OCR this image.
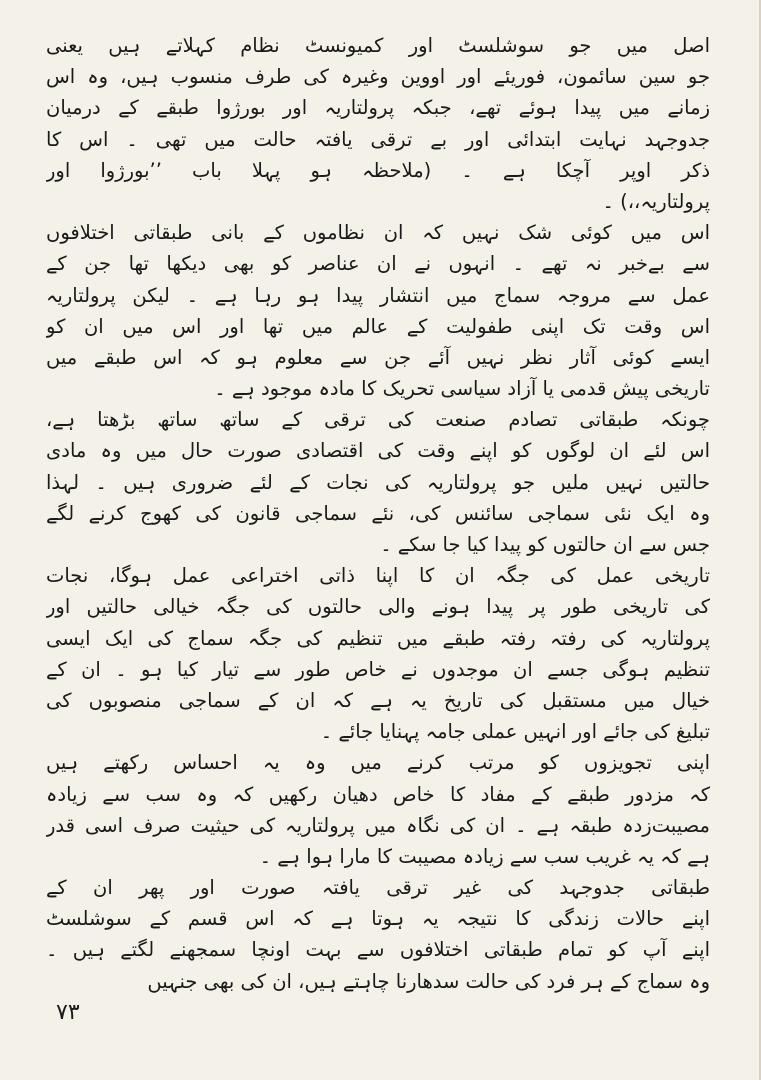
اصل میں جو سوشلسٹ اور کمیونسٹ نظام کہلاتے ہیں یعنی
جو سین سائمون، فوریئے اور اووین وغیرہ کی طرف منسوب ہیں، وہ اس
زمانے میں پیدا ہوئے تھے، جبکہ پرولتاریہ اور بورژوا طبقے کے درمیان
جدوجہد نہایت ابتدائی اور بے ترقی یافتہ حالت میں تھی ۔ اس کا
ذکر اوپر آچکا ہے ۔ (ملاحظہ ہو پہلا باب ’’بورژوا اور
پرولتاریہ،،) ۔
اس میں کوئی شک نہیں کہ ان نظاموں کے بانی طبقاتی اختلافوں
سے بےخبر نہ تھے ۔ انہوں نے ان عناصر کو بھی دیکھا تھا جن کے
عمل سے مروجہ سماج میں انتشار پیدا ہو رہا ہے ۔ لیکن پرولتاریہ
اس وقت تک اپنی طفولیت کے عالم میں تھا اور اس میں ان کو
ایسے کوئی آثار نظر نہیں آئے جن سے معلوم ہو کہ اس طبقے میں
تاریخی پیش قدمی یا آزاد سیاسی تحریک کا مادہ موجود ہے ۔
چونکہ طبقاتی تصادم صنعت کی ترقی کے ساتھ ساتھ بڑھتا ہے،
اس لئے ان لوگوں کو اپنے وقت کی اقتصادی صورت حال میں وہ مادی
حالتیں نہیں ملیں جو پرولتاریہ کی نجات کے لئے ضروری ہیں ۔ لہذا
وہ ایک نئی سماجی سائنس کی، نئے سماجی قانون کی کھوج کرنے لگے
جس سے ان حالتوں کو پیدا کیا جا سکے ۔
تاریخی عمل کی جگہ ان کا اپنا ذاتی اختراعی عمل ہوگا، نجات
کی تاریخی طور پر پیدا ہونے والی حالتوں کی جگہ خیالی حالتیں اور
پرولتاریہ کی رفتہ رفتہ طبقے میں تنظیم کی جگہ سماج کی ایک ایسی
تنظیم ہوگی جسے ان موجدوں نے خاص طور سے تیار کیا ہو ۔ ان کے
خیال میں مستقبل کی تاریخ یہ ہے کہ ان کے سماجی منصوبوں کی
تبلیغ کی جائے اور انہیں عملی جامہ پہنایا جائے ۔
اپنی تجویزوں کو مرتب کرنے میں وہ یہ احساس رکھتے ہیں
کہ مزدور طبقے کے مفاد کا خاص دھیان رکھیں کہ وہ سب سے زیادہ
مصیبت‌زدہ طبقہ ہے ۔ ان کی نگاہ میں پرولتاریہ کی حیثیت صرف اسی قدر
ہے کہ یہ غریب سب سے زیادہ مصیبت کا مارا ہوا ہے ۔
طبقاتی جدوجہد کی غیر ترقی یافتہ صورت اور پھر ان کے
اپنے حالات زندگی کا نتیجہ یہ ہوتا ہے کہ اس قسم کے سوشلسٹ
اپنے آپ کو تمام طبقاتی اختلافوں سے بہت اونچا سمجھنے لگتے ہیں ۔
وہ سماج کے ہر فرد کی حالت سدھارنا چاہتے ہیں، ان کی بھی جنہیں
۷۳
